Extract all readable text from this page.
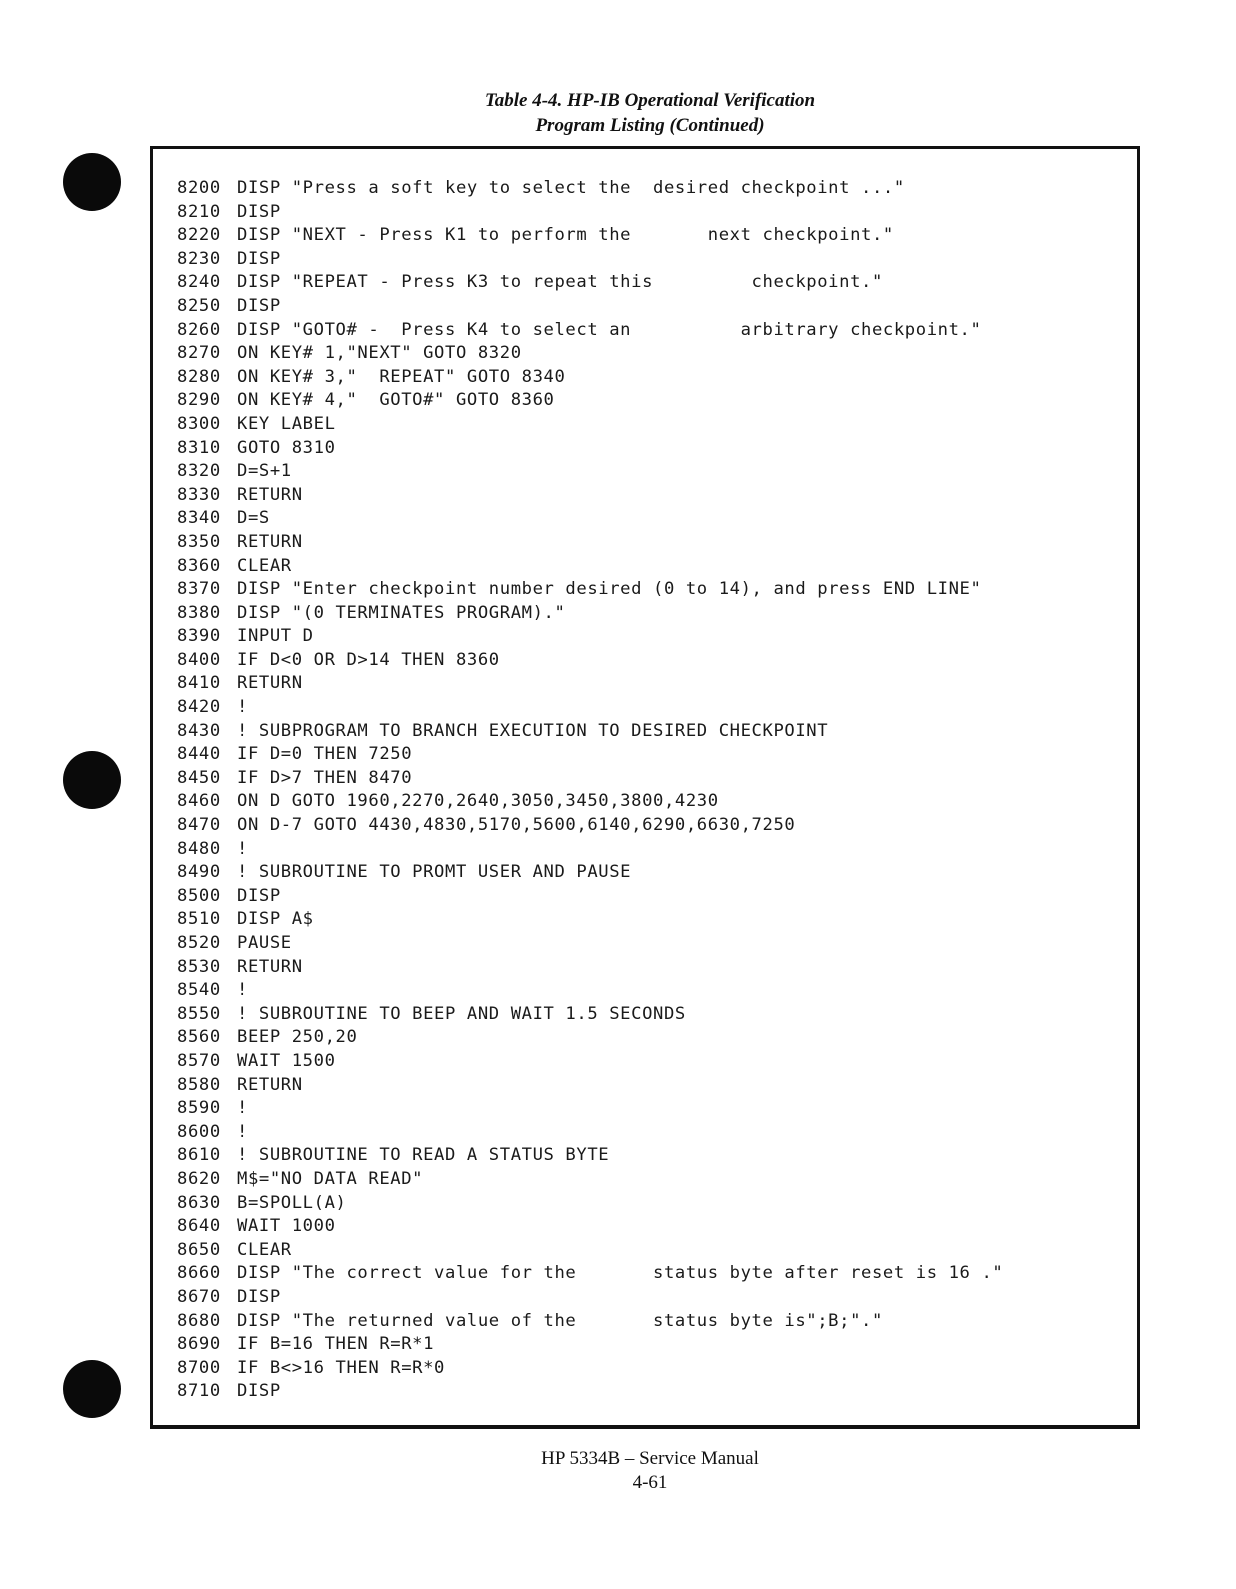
Table 4-4. HP-IB Operational Verification
Program Listing (Continued)
8200 DISP "Press a soft key to select the  desired checkpoint ..."
8210 DISP
8220 DISP "NEXT - Press K1 to perform the       next checkpoint."
8230 DISP
8240 DISP "REPEAT - Press K3 to repeat this         checkpoint."
8250 DISP
8260 DISP "GOTO# -  Press K4 to select an          arbitrary checkpoint."
8270 ON KEY# 1,"NEXT" GOTO 8320
8280 ON KEY# 3,"  REPEAT" GOTO 8340
8290 ON KEY# 4,"  GOTO#" GOTO 8360
8300 KEY LABEL
8310 GOTO 8310
8320 D=S+1
8330 RETURN
8340 D=S
8350 RETURN
8360 CLEAR
8370 DISP "Enter checkpoint number desired (0 to 14), and press END LINE"
8380 DISP "(0 TERMINATES PROGRAM)."
8390 INPUT D
8400 IF D<0 OR D>14 THEN 8360
8410 RETURN
8420 !
8430 ! SUBPROGRAM TO BRANCH EXECUTION TO DESIRED CHECKPOINT
8440 IF D=0 THEN 7250
8450 IF D>7 THEN 8470
8460 ON D GOTO 1960,2270,2640,3050,3450,3800,4230
8470 ON D-7 GOTO 4430,4830,5170,5600,6140,6290,6630,7250
8480 !
8490 ! SUBROUTINE TO PROMT USER AND PAUSE
8500 DISP
8510 DISP A$
8520 PAUSE
8530 RETURN
8540 !
8550 ! SUBROUTINE TO BEEP AND WAIT 1.5 SECONDS
8560 BEEP 250,20
8570 WAIT 1500
8580 RETURN
8590 !
8600 !
8610 ! SUBROUTINE TO READ A STATUS BYTE
8620 M$="NO DATA READ"
8630 B=SPOLL(A)
8640 WAIT 1000
8650 CLEAR
8660 DISP "The correct value for the       status byte after reset is 16 ."
8670 DISP
8680 DISP "The returned value of the       status byte is";B;"."
8690 IF B=16 THEN R=R*1
8700 IF B<>16 THEN R=R*0
8710 DISP
HP 5334B – Service Manual
4-61
